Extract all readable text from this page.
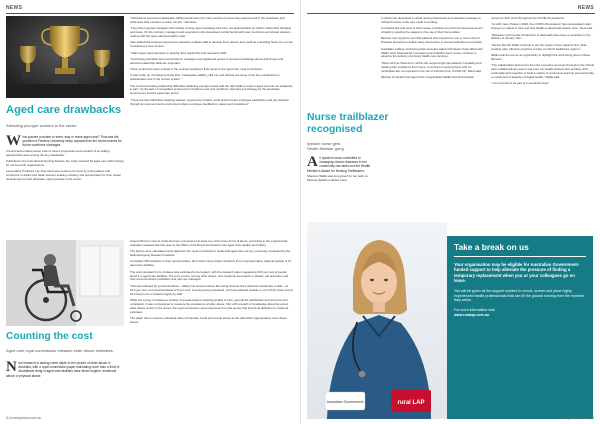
NEWS
Aged care drawbacks
Attracting younger workers to the sector.
What pushes a worker to enter, stay or leave aged care? That was the question a Flinders University study unpacked as the sector braces for future workforce shortages.

It found work-related stress, lack of career progression and a dearth of up-skilling opportunities were among the key drawbacks.

Published in the International Nursing Review, the study involved 52 aged care staff working for not-for-profit organisations.

Lead author Professor Lily Xiao said more needs to be done by policymakers and employers to attract and retain workers seeking certainty and opportunities for their career development to help eliminate ongoing issues in the sector.

“Participants perceived inadequate staffing levels were the main sources of stress they experienced in the workplace and influenced their intention to leave the job,” said Xiao.

“They also reported managers who lacked nursing care knowledge and were not approachable for staff to share their thoughts and ideas. On the contrary, managers and supervisors who developed cordial bonds with team members and shared decision making with the team attracted staff to stay.”

Xiao added that employer-sponsored education enables staff to develop their careers and could be a deciding factor for a nurse considering a new venture.

“Staff expect paid education to develop their leadership and teamwork skills.

“Continuing education and mentorship for managers and registered nurses to develop knowledge about staff issues and effective leadership skills are important.

These sentiments were echoed in the counsel assisting’s final report to the aged care royal commission.

In their wrap up, the lawyers wrote that: “Inadequate staffing, skill mix and training are some of the key contributors to substandard care in the current system.”

The counsel assisting added that difficulties attracting enough people with the right skills to work in aged care can be explained, in part, “by the lack of competitive employment conditions and poor workforce planning and strategy by the Australian Government and the aged care sector.

“There are also difficulties retaining workers. Approved providers could ensure better employee satisfaction and job retention through an improved work environment where employee feedback is valued and considered.”

Counting the cost
Aged care royal commission releases elder abuse estimates.
New research is adding some depth to the picture of elder abuse in Australia, with a royal commission paper estimating more than a third of Australians living in aged care facilities have faced neglect, emotional abuse or physical abuse.

Around 39.2 per cent of residents have encountered at least one of the three forms of abuse, according to the experimental estimates released late last year by the Office of the Royal Commission into Aged Care Quality and Safety.

The figures were calculated using data from the royal commission’s residential aged care survey, previously conducted by the National Ageing Research Institute.

It included 768 residents or their representative, all of whom were drawn randomly from a representative national sample of 67 aged care facilities.

The most prevalent form of abuse was estimated to be neglect, with the research paper suggesting 30.8 per cent of people faced it in aged care facilities. The term covers, among other issues, how residents are helped to shower, eat and toilet, and how concerns about medication and pain are managed.

That was followed by emotional abuse – falling into account issues like being shouted at by staff and treated like a child – at 22.6 per cent, and physical abuse at 5 per cent, covering being restrained, not being allowed outside or out of their chair or bed, and being hurt or treated roughly by staff.

While the survey completed a number of questionnaires exploring quality of care, general life satisfaction and concerns and complaints, it was not designed to measure the prevalence of elder abuse. Still, with a dearth of knowledge about the extent elder abuse occurs in the sector, the royal commission used responses from the survey that best fit its definition to create its estimates.

The paper did not explore estimated rates of financial, social and sexual abuse as the data didn’t appropriately cover these issues.

8 | nursingreview.com.au
NEWS
Nurse trailblazer
recognised
Ipswich nurse gets
Health Minister gong.
An Ipswich nurse committed to managing chronic diseases in her community has taken out the Health Minister’s Award for Nursing Trailblazers.

Shannon Wallis was recognised for her work on MeCare (Mobile-enabled Care).

In which she developed a virtual nursing framework and education package to onboard nurses to the new mode of working.

It included tips and tools to help nurses complete an environmental assessment virtually by guiding the patients in the use of their home tablet.

MeCare now supports over 900 patients who experience one or more chronic illnesses and aims to deliver early intervention to prevent admission to hospital.

Australian College of Nursing chief executive Adjunct Professor Kylie Ward said Wallis’ work reflected the innovation and insightful ways nurses continue to advance the delivery of primary health care services.

“Work such as Shannon’s, which can support high-risk patients in isolating and treating their conditions from home, is crucial to ensuring those with co-morbidities are not exposed to the risk of infection from COVID-19,” Ward said.

Minister for Health and Aged Care congratulated Wallis and all Australian

nurses for their work throughout the COVID-19 pandemic.

“As with many things in 2020, the COVID-19 pandemic has necessitated rapid change to models of care and how health professionals deliver care,” Hunt said.

“Measures such as the introduction of telehealth have been a revolution in the delivery of primary care.

“Nurses like Ms Wallis continue to put the needs of their patients first, while creating safe, effective practices to help our whole healthcare system.”

Wallis took the win as an opportunity to highlight the work being done in West Moreton.

“The collaborative that occurs from the executive sponsors through to the clinical care multidisciplinary teams and even our health partners and auxiliary staff continually work together to build a culture of continuous learning and ownership, a crucial part of adoption of digital health,” Wallis said.

“I am honored to be part of a wonderful team”.

Australian Government	rural LAP
Take a break on us
Your organisation may be eligible for Australian Government-funded support to help alleviate the pressure of finding a temporary replacement when you or your colleagues go on leave.
You will be given all the support needed to recruit, screen and place highly experienced health professionals that can fill the ground running from the moment they arrive.
For more information visit
www.ruralap.com.au
nursingreview.com.au | 9
